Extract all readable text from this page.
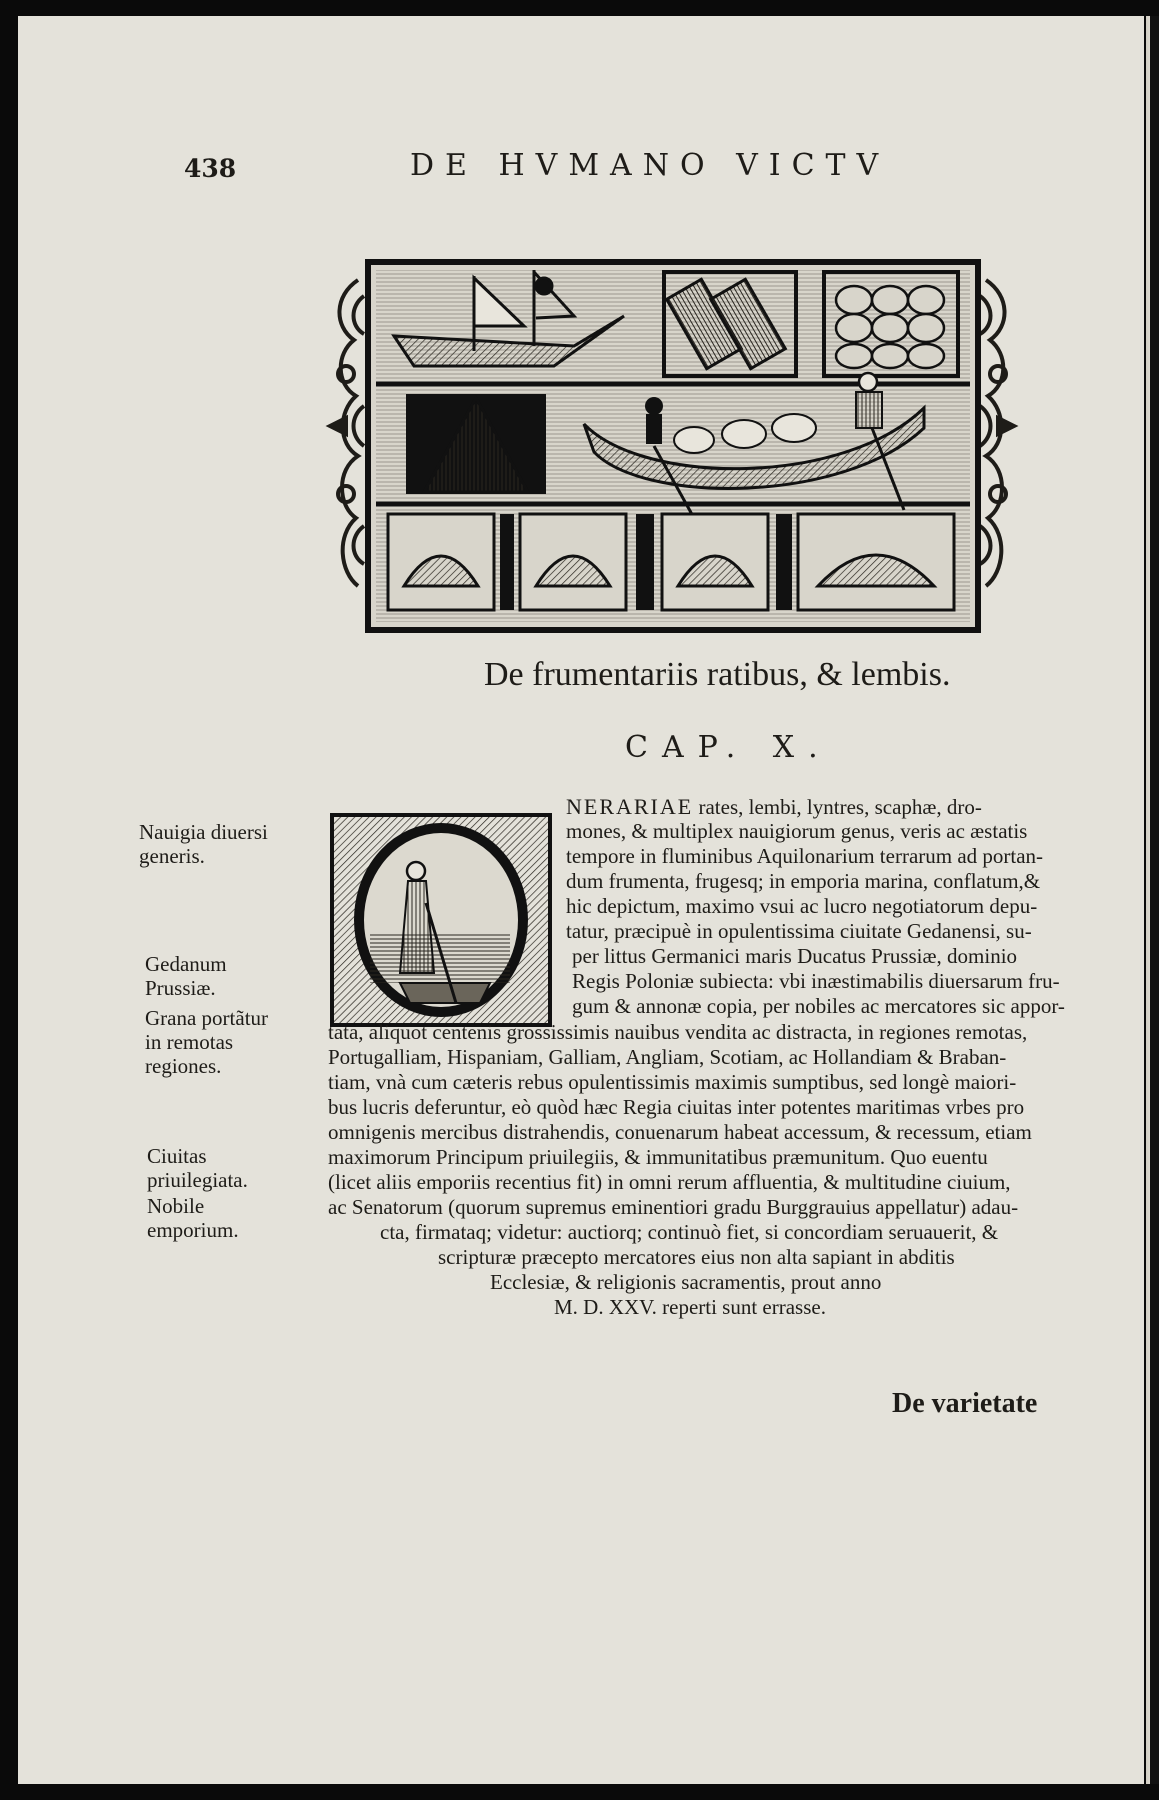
438	DE HVMANO VICTV
De frumentariis ratibus, & lembis.
CAP. X.
Nauigia diuersi generis.
Gedanum Prussiæ.
Grana portãtur in remotas regiones.
Ciuitas priuilegiata.
Nobile emporium.
NERARIAE rates, lembi, lyntres, scaphæ, dro-
mones, & multiplex nauigiorum genus, veris ac æstatis
tempore in fluminibus Aquilonarium terrarum ad portan-
dum frumenta, frugesq; in emporia marina, conflatum,&
hic depictum, maximo vsui ac lucro negotiatorum depu-
tatur, præcipuè in opulentissima ciuitate Gedanensi, su-
per littus Germanici maris Ducatus Prussiæ, dominio
Regis Poloniæ subiecta: vbi inæstimabilis diuersarum fru-
gum & annonæ copia, per nobiles ac mercatores sic appor-
tata, aliquot centenis grossissimis nauibus vendita ac distracta, in regiones remotas,
Portugalliam, Hispaniam, Galliam, Angliam, Scotiam, ac Hollandiam & Braban-
tiam, vnà cum cæteris rebus opulentissimis maximis sumptibus, sed longè maiori-
bus lucris deferuntur, eò quòd hæc Regia ciuitas inter potentes maritimas vrbes pro
omnigenis mercibus distrahendis, conuenarum habeat accessum, & recessum, etiam
maximorum Principum priuilegiis, & immunitatibus præmunitum. Quo euentu
(licet aliis emporiis recentius fit) in omni rerum affluentia, & multitudine ciuium,
ac Senatorum (quorum supremus eminentiori gradu Burggrauius appellatur) adau-
cta, firmataq; videtur: auctiorq; continuò fiet, si concordiam seruauerit, &
scripturæ præcepto mercatores eius non alta sapiant in abditis
Ecclesiæ, & religionis sacramentis, prout anno
M. D. XXV. reperti sunt errasse.
De varietate
